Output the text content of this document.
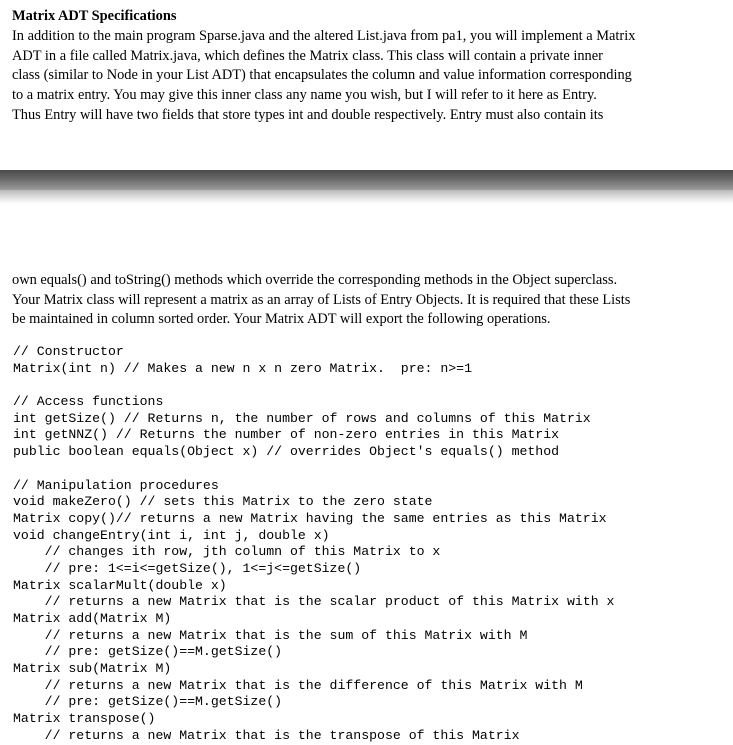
Matrix ADT Specifications
In addition to the main program Sparse.java and the altered List.java from pa1, you will implement a Matrix
ADT in a file called Matrix.java, which defines the Matrix class. This class will contain a private inner
class (similar to Node in your List ADT) that encapsulates the column and value information corresponding
to a matrix entry. You may give this inner class any name you wish, but I will refer to it here as Entry.
Thus Entry will have two fields that store types int and double respectively. Entry must also contain its
own equals() and toString() methods which override the corresponding methods in the Object superclass.
Your Matrix class will represent a matrix as an array of Lists of Entry Objects. It is required that these Lists
be maintained in column sorted order. Your Matrix ADT will export the following operations.
// Constructor
Matrix(int n) // Makes a new n x n zero Matrix.  pre: n>=1
// Access functions
int getSize() // Returns n, the number of rows and columns of this Matrix
int getNNZ() // Returns the number of non-zero entries in this Matrix
public boolean equals(Object x) // overrides Object's equals() method
// Manipulation procedures
void makeZero() // sets this Matrix to the zero state
Matrix copy()// returns a new Matrix having the same entries as this Matrix
void changeEntry(int i, int j, double x)
// changes ith row, jth column of this Matrix to x
// pre: 1<=i<=getSize(), 1<=j<=getSize()
Matrix scalarMult(double x)
// returns a new Matrix that is the scalar product of this Matrix with x
Matrix add(Matrix M)
// returns a new Matrix that is the sum of this Matrix with M
// pre: getSize()==M.getSize()
Matrix sub(Matrix M)
// returns a new Matrix that is the difference of this Matrix with M
// pre: getSize()==M.getSize()
Matrix transpose()
// returns a new Matrix that is the transpose of this Matrix
